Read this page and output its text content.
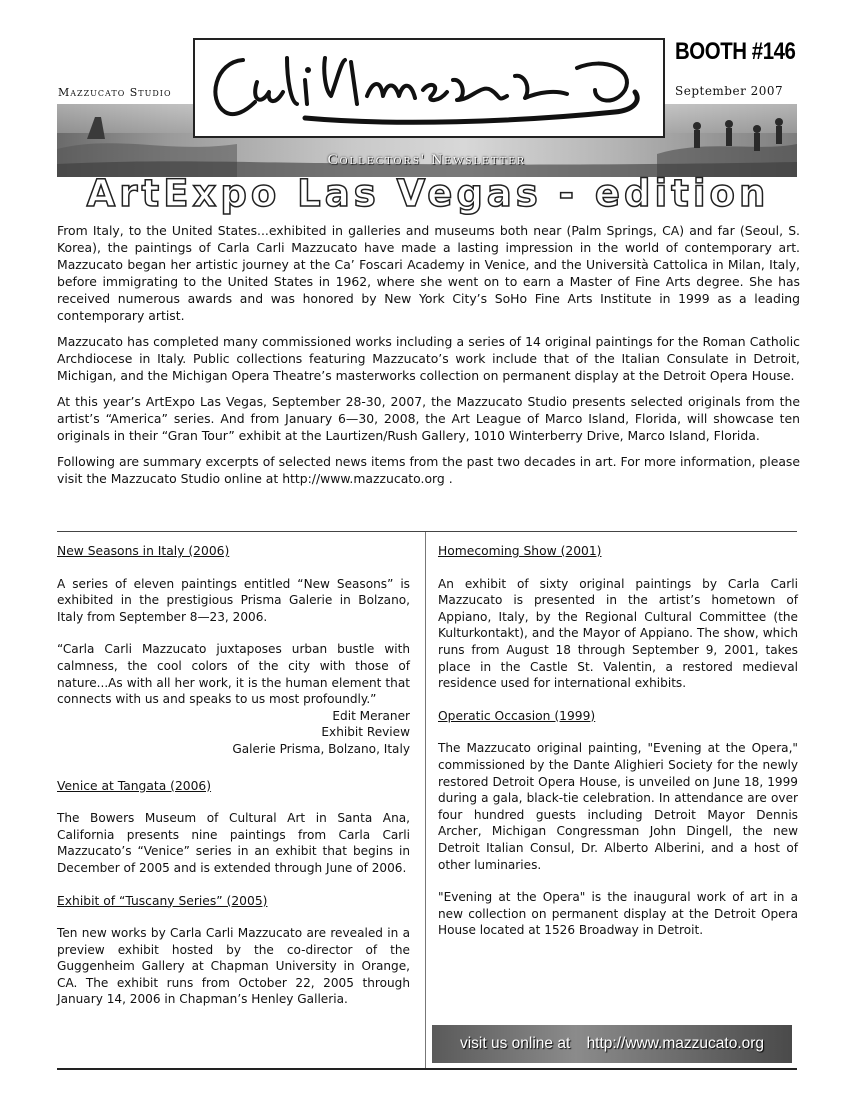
BOOTH #146
Mazzucato Studio	September 2007
Collectors' Newsletter
ArtExpo Las Vegas - edition

From Italy, to the United States...exhibited in galleries and museums both near (Palm Springs, CA) and far (Seoul, S. Korea), the paintings of Carla Carli Mazzucato have made a lasting impression in the world of contemporary art. Mazzucato began her artistic journey at the Ca’ Foscari Academy in Venice, and the Università Cattolica in Milan, Italy, before immigrating to the United States in 1962, where she went on to earn a Master of Fine Arts degree. She has received numerous awards and was honored by New York City’s SoHo Fine Arts Institute in 1999 as a leading contemporary artist.

Mazzucato has completed many commissioned works including a series of 14 original paintings for the Roman Catholic Archdiocese in Italy. Public collections featuring Mazzucato’s work include that of the Italian Consulate in Detroit, Michigan, and the Michigan Opera Theatre’s masterworks collection on permanent display at the Detroit Opera House.

At this year’s ArtExpo Las Vegas, September 28-30, 2007, the Mazzucato Studio presents selected originals from the artist’s “America” series. And from January 6—30, 2008, the Art League of Marco Island, Florida, will showcase ten originals in their “Gran Tour” exhibit at the Laurtizen/Rush Gallery, 1010 Winterberry Drive, Marco Island, Florida.

Following are summary excerpts of selected news items from the past two decades in art. For more information, please visit the Mazzucato Studio online at http://www.mazzucato.org .

New Seasons in Italy (2006)

A series of eleven paintings entitled “New Seasons” is exhibited in the prestigious Prisma Galerie in Bolzano, Italy from September 8—23, 2006.

“Carla Carli Mazzucato juxtaposes urban bustle with calmness, the cool colors of the city with those of nature...As with all her work, it is the human element that connects with us and speaks to us most profoundly.”

Edit Meraner
Exhibit Review
Galerie Prisma, Bolzano, Italy
Venice at Tangata (2006)

The Bowers Museum of Cultural Art in Santa Ana, California presents nine paintings from Carla Carli Mazzucato’s “Venice” series in an exhibit that begins in December of 2005 and is extended through June of 2006.

Exhibit of “Tuscany Series” (2005)

Ten new works by Carla Carli Mazzucato are revealed in a preview exhibit hosted by the co-director of the Guggenheim Gallery at Chapman University in Orange, CA. The exhibit runs from October 22, 2005 through January 14, 2006 in Chapman’s Henley Galleria.

Homecoming Show (2001)

An exhibit of sixty original paintings by Carla Carli Mazzucato is presented in the artist’s hometown of Appiano, Italy, by the Regional Cultural Committee (the Kulturkontakt), and the Mayor of Appiano. The show, which runs from August 18 through September 9, 2001, takes place in the Castle St. Valentin, a restored medieval residence used for international exhibits.

Operatic Occasion (1999)

The Mazzucato original painting, "Evening at the Opera," commissioned by the Dante Alighieri Society for the newly restored Detroit Opera House, is unveiled on June 18, 1999 during a gala, black-tie celebration. In attendance are over four hundred guests including Detroit Mayor Dennis Archer, Michigan Congressman John Dingell, the new Detroit Italian Consul, Dr. Alberto Alberini, and a host of other luminaries.

"Evening at the Opera" is the inaugural work of art in a new collection on permanent display at the Detroit Opera House located at 1526 Broadway in Detroit.

visit us online at http://www.mazzucato.org
